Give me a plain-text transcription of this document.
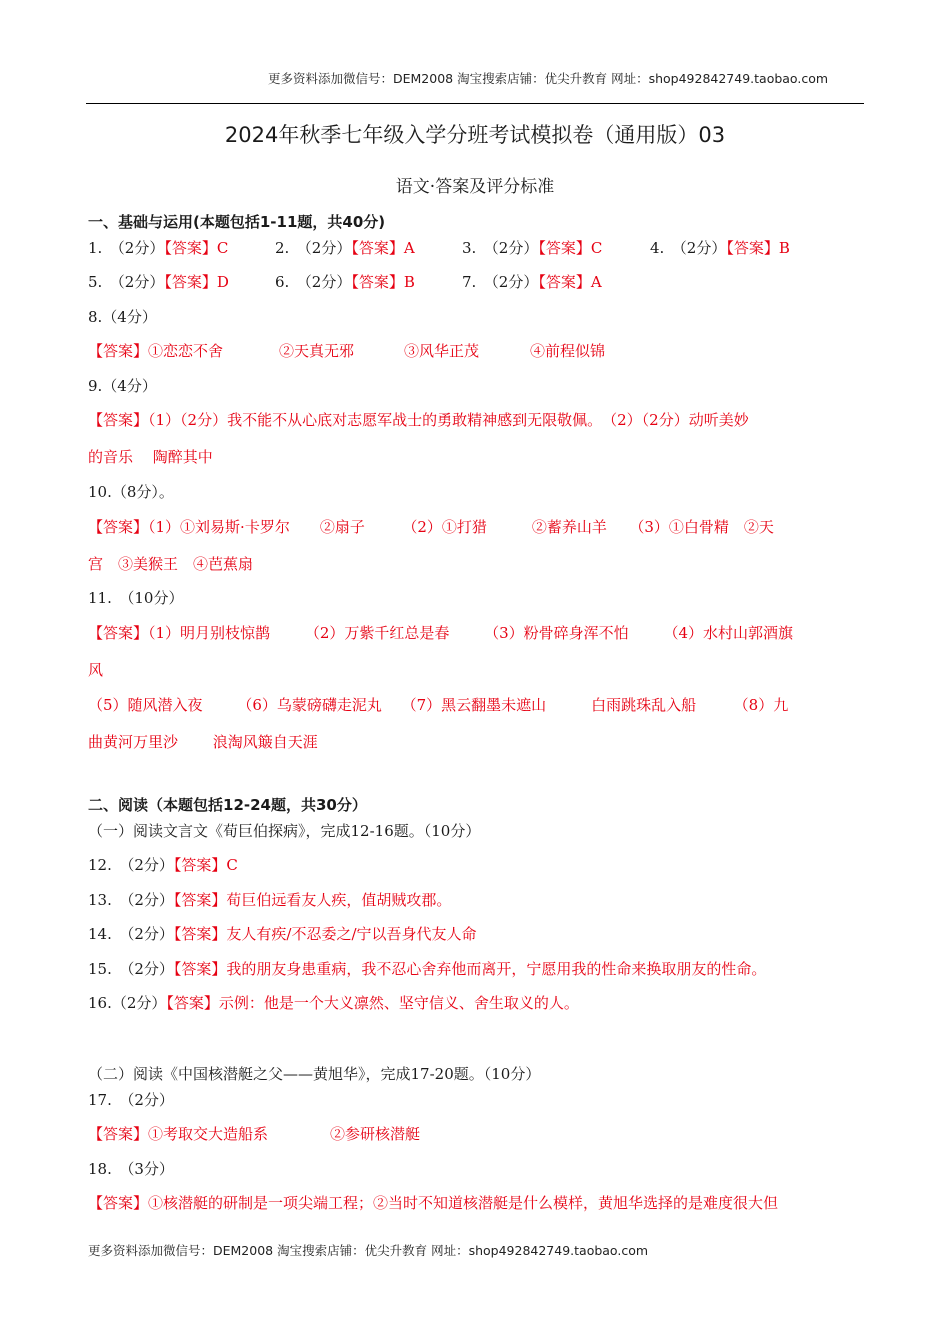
更多资料添加微信号：DEM2008 淘宝搜索店铺：优尖升教育 网址：shop492842749.taobao.com
2024年秋季七年级入学分班考试模拟卷（通用版）03
语文·答案及评分标准
一、基础与运用(本题包括1-11题，共40分)
1.　（2分）【答案】C	2.　（2分）【答案】A	3.　（2分）【答案】C	4.　（2分）【答案】B
5.　（2分）【答案】D	6.　（2分）【答案】B	7.　（2分）【答案】A
8.（4分）
【答案】①恋恋不舍	②天真无邪	③风华正茂	④前程似锦
9.（4分）
【答案】（1）（2分）我不能不从心底对志愿军战士的勇敢精神感到无限敬佩。　（2）（2分）动听美妙
的音乐　 陶醉其中
10.（8分）。
【答案】（1）①刘易斯·卡罗尔　　②扇子　　　（2）①打猎　　　②蓄养山羊　　（3）①白骨精　②天
宫　③美猴王　④芭蕉扇
11.　（10分）
【答案】（1）明月别枝惊鹊　　 （2）万紫千红总是春　　 （3）粉骨碎身浑不怕　　 （4）水村山郭酒旗
风
（5）随风潜入夜　　 （6）乌蒙磅礴走泥丸　 （7）黑云翻墨未遮山　　　白雨跳珠乱入船　　　（8）九
曲黄河万里沙　　 浪淘风簸自天涯
二、阅读（本题包括12-24题，共30分）
（一）阅读文言文《荀巨伯探病》，完成12-16题。（10分）
12.　（2分）【答案】C
13.　（2分）【答案】荀巨伯远看友人疾，值胡贼攻郡。
14.　（2分）【答案】友人有疾/不忍委之/宁以吾身代友人命
15.　（2分）【答案】我的朋友身患重病，我不忍心舍弃他而离开，宁愿用我的性命来换取朋友的性命。
16.（2分）【答案】示例：他是一个大义凛然、坚守信义、舍生取义的人。
（二）阅读《中国核潜艇之父——黄旭华》，完成17-20题。（10分）
17.　（2分）
【答案】①考取交大造船系	②参研核潜艇
18.　（3分）
【答案】①核潜艇的研制是一项尖端工程；②当时不知道核潜艇是什么模样，黄旭华选择的是难度很大但
更多资料添加微信号：DEM2008 淘宝搜索店铺：优尖升教育 网址：shop492842749.taobao.com
